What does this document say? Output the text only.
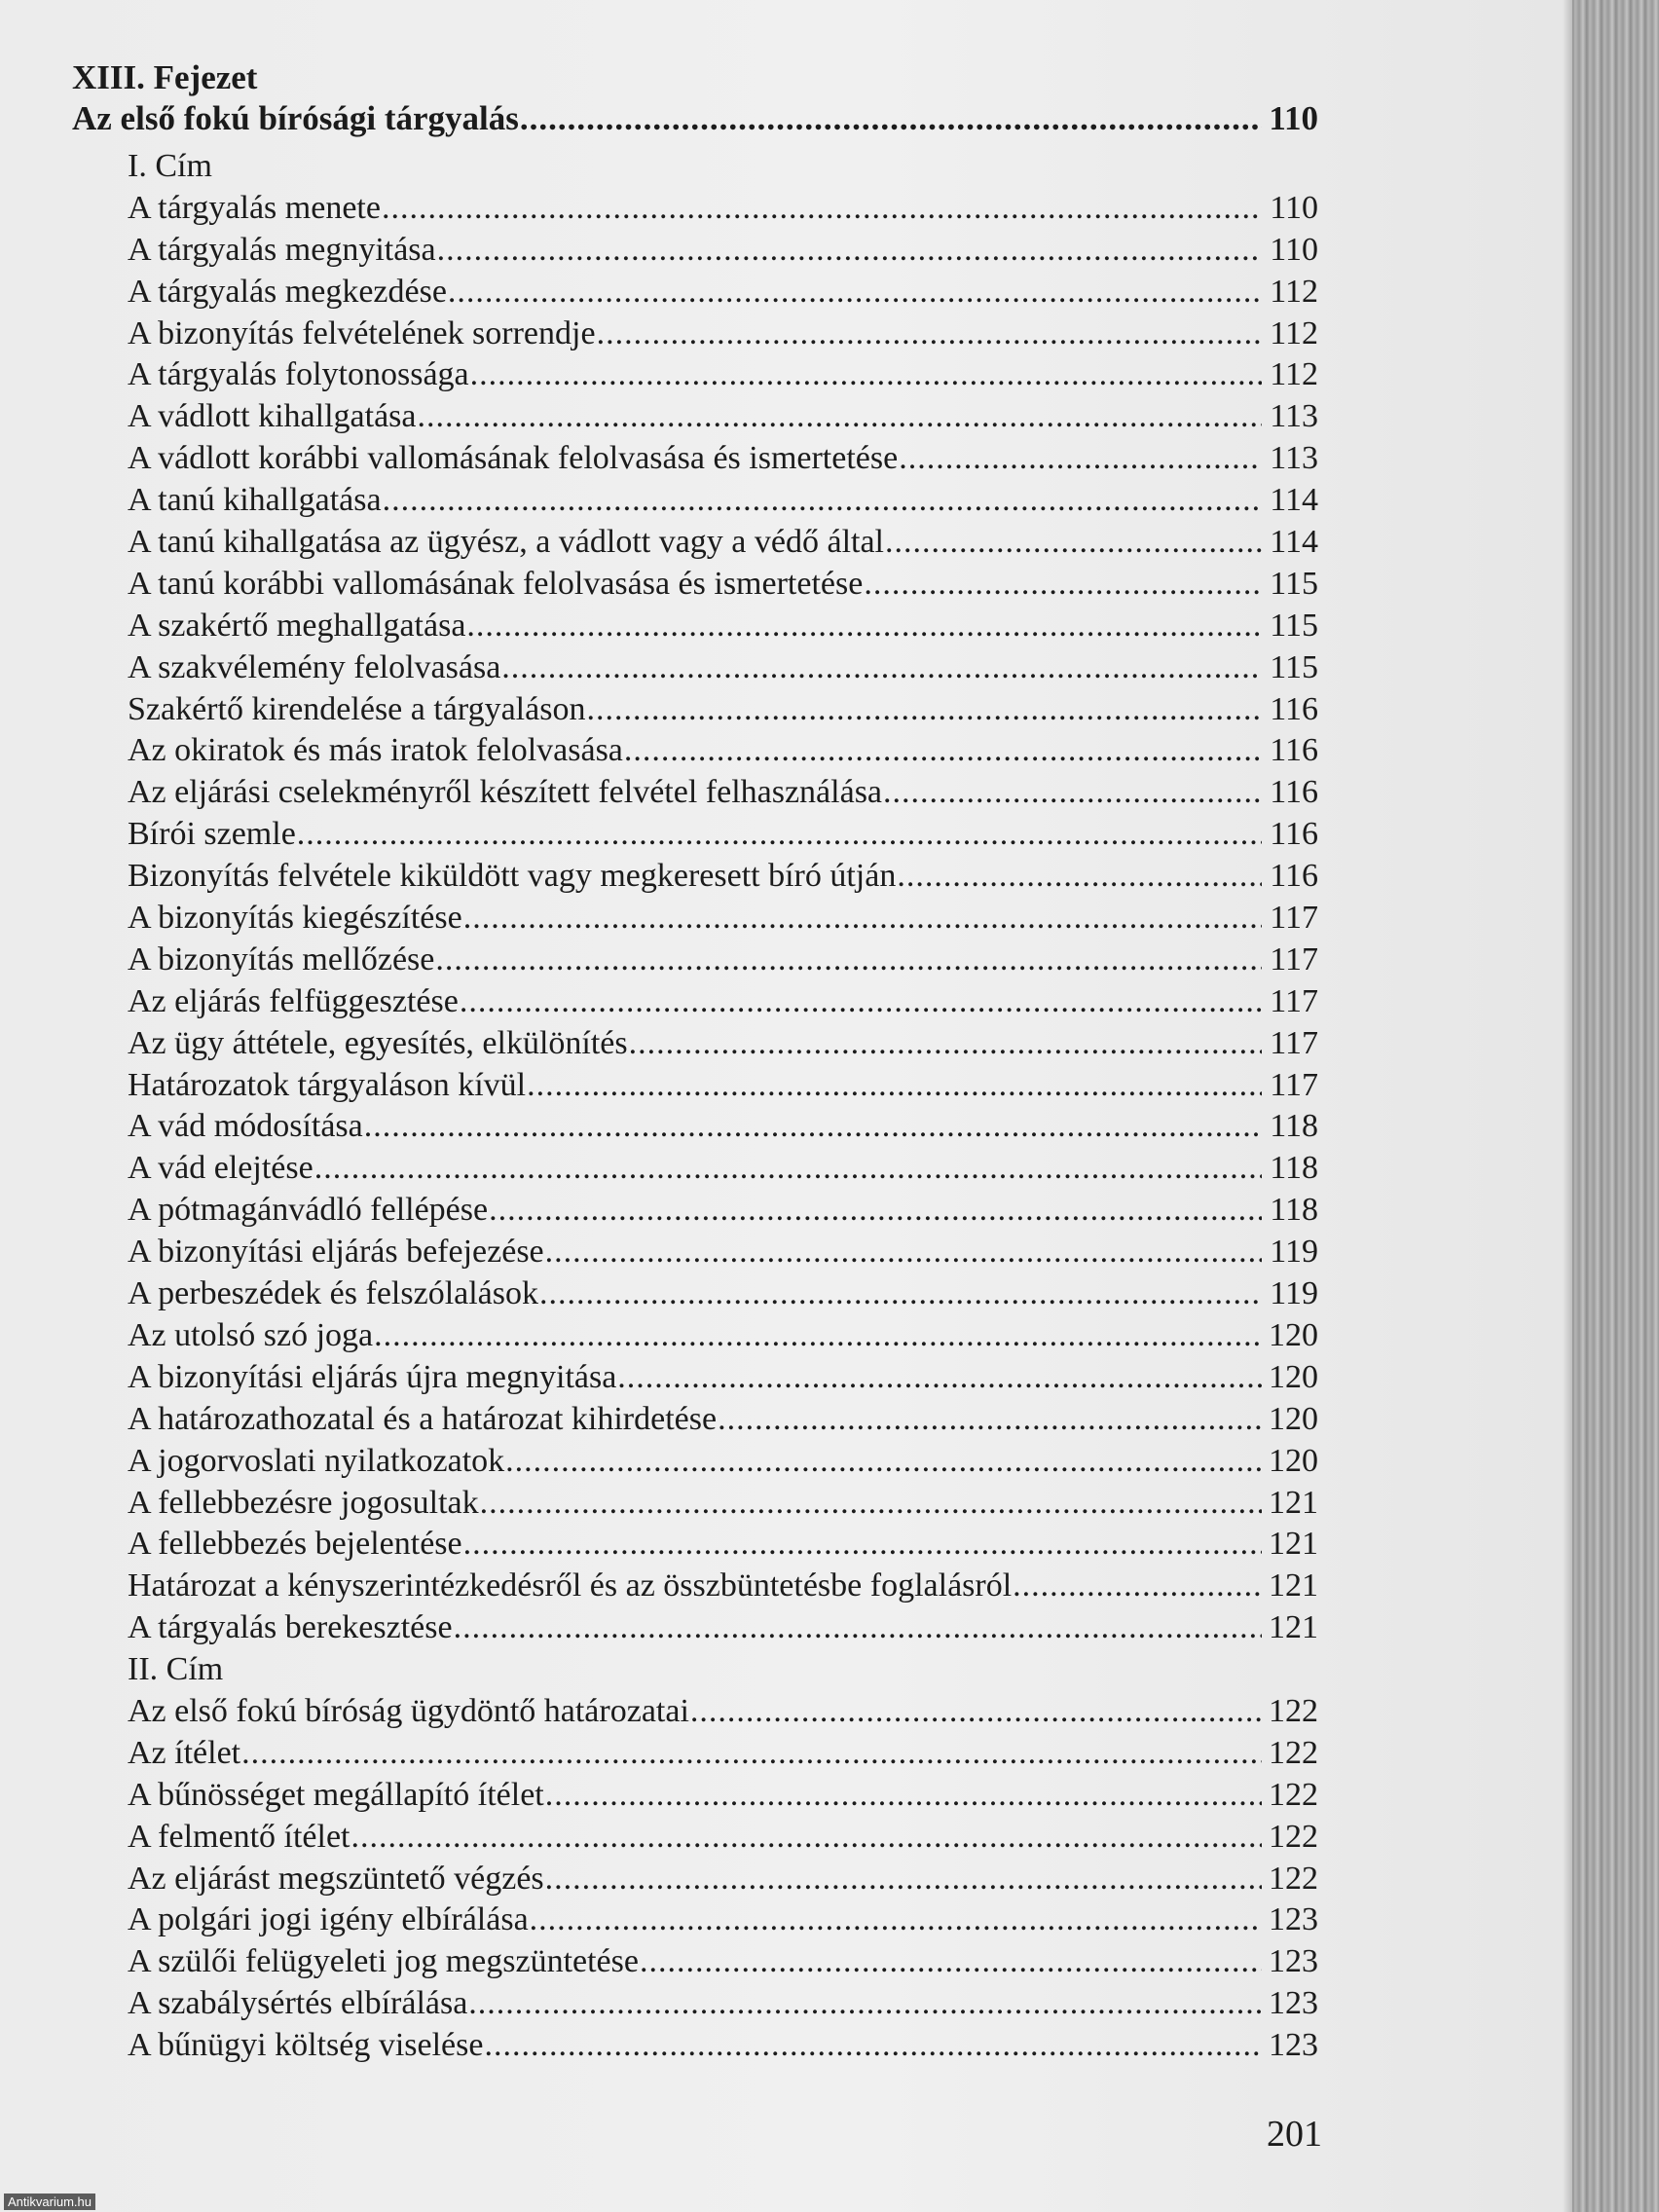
XIII. Fejezet
Az első fokú bírósági tárgyalás .....	110
I. Cím
A tárgyalás menete .....	110
A tárgyalás megnyitása .....	110
A tárgyalás megkezdése .....	112
A bizonyítás felvételének sorrendje .....	112
A tárgyalás folytonossága .....	112
A vádlott kihallgatása .....	113
A vádlott korábbi vallomásának felolvasása és ismertetése .....	113
A tanú kihallgatása .....	114
A tanú kihallgatása az ügyész, a vádlott vagy a védő által .....	114
A tanú korábbi vallomásának felolvasása és ismertetése .....	115
A szakértő meghallgatása .....	115
A szakvélemény felolvasása .....	115
Szakértő kirendelése a tárgyaláson .....	116
Az okiratok és más iratok felolvasása .....	116
Az eljárási cselekményről készített felvétel felhasználása .....	116
Bírói szemle .....	116
Bizonyítás felvétele kiküldött vagy megkeresett bíró útján .....	116
A bizonyítás kiegészítése .....	117
A bizonyítás mellőzése .....	117
Az eljárás felfüggesztése .....	117
Az ügy áttétele, egyesítés, elkülönítés .....	117
Határozatok tárgyaláson kívül .....	117
A vád módosítása .....	118
A vád elejtése .....	118
A pótmagánvádló fellépése .....	118
A bizonyítási eljárás befejezése .....	119
A perbeszédek és felszólalások .....	119
Az utolsó szó joga .....	120
A bizonyítási eljárás újra megnyitása .....	120
A határozathozatal és a határozat kihirdetése .....	120
A jogorvoslati nyilatkozatok .....	120
A fellebbezésre jogosultak .....	121
A fellebbezés bejelentése .....	121
Határozat a kényszerintézkedésről és az összbüntetésbe foglalásról .....	121
A tárgyalás berekesztése .....	121
II. Cím
Az első fokú bíróság ügydöntő határozatai .....	122
Az ítélet .....	122
A bűnösséget megállapító ítélet .....	122
A felmentő ítélet .....	122
Az eljárást megszüntető végzés .....	122
A polgári jogi igény elbírálása .....	123
A szülői felügyeleti jog megszüntetése .....	123
A szabálysértés elbírálása .....	123
A bűnügyi költség viselése .....	123
201
Antikvarium.hu
